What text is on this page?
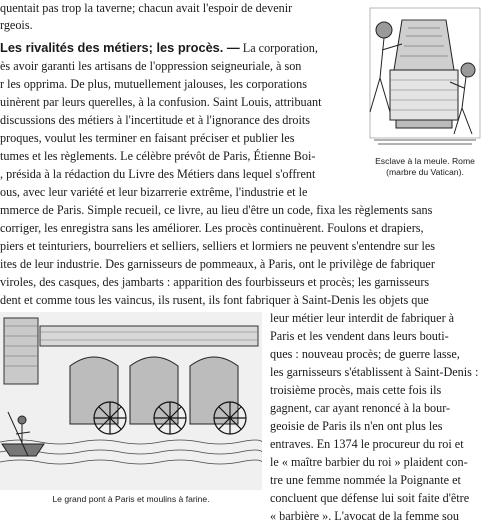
quentait pas trop la taverne; chacun avait l'espoir de devenir
rgeois.
Les rivalités des métiers; les procès. — La corporation,
Esclave à la meule. Rome
(marbre du Vatican).
ès avoir garanti les artisans de l'oppression seigneuriale, à son
r les opprima. De plus, mutuellement jalouses, les corporations
uinèrent par leurs querelles, à la confusion. Saint Louis, attribuant
discussions des métiers à l'incertitude et à l'ignorance des droits
proques, voulut les terminer en faisant préciser et publier les
tumes et les règlements. Le célèbre prévôt de Paris, Étienne Boi-
, présida à la rédaction du Livre des Métiers dans lequel s'offrent
ous, avec leur variété et leur bizarrerie extrême, l'industrie et le
mmerce de Paris. Simple recueil, ce livre, au lieu d'être un code, fixa les règlements sans
corriger, les enregistra sans les améliorer. Les procès continuèrent. Foulons et drapiers,
piers et teinturiers, bourreliers et selliers, selliers et lormiers ne peuvent s'entendre sur les
ites de leur industrie. Des garnisseurs de pommeaux, à Paris, ont le privilège de fabriquer
viroles, des casques, des jambarts : apparition des fourbisseurs et procès; les garnisseurs
dent et comme tous les vaincus, ils rusent, ils font fabriquer à Saint-Denis les objets que
Le grand pont à Paris et moulins à farine.
leur métier leur interdit de fabriquer à
Paris et les vendent dans leurs bouti-
ques : nouveau procès; de guerre lasse,
les garnisseurs s'établissent à Saint-Denis :
troisième procès, mais cette fois ils
gagnent, car ayant renoncé à la bour-
geoisie de Paris ils n'en ont plus les
entraves. En 1374 le procureur du roi et
le « maître barbier du roi » plaident con-
tre une femme nommée la Poignante et
concluent que défense lui soit faite d'être
« barbière ». L'avocat de la femme sou
